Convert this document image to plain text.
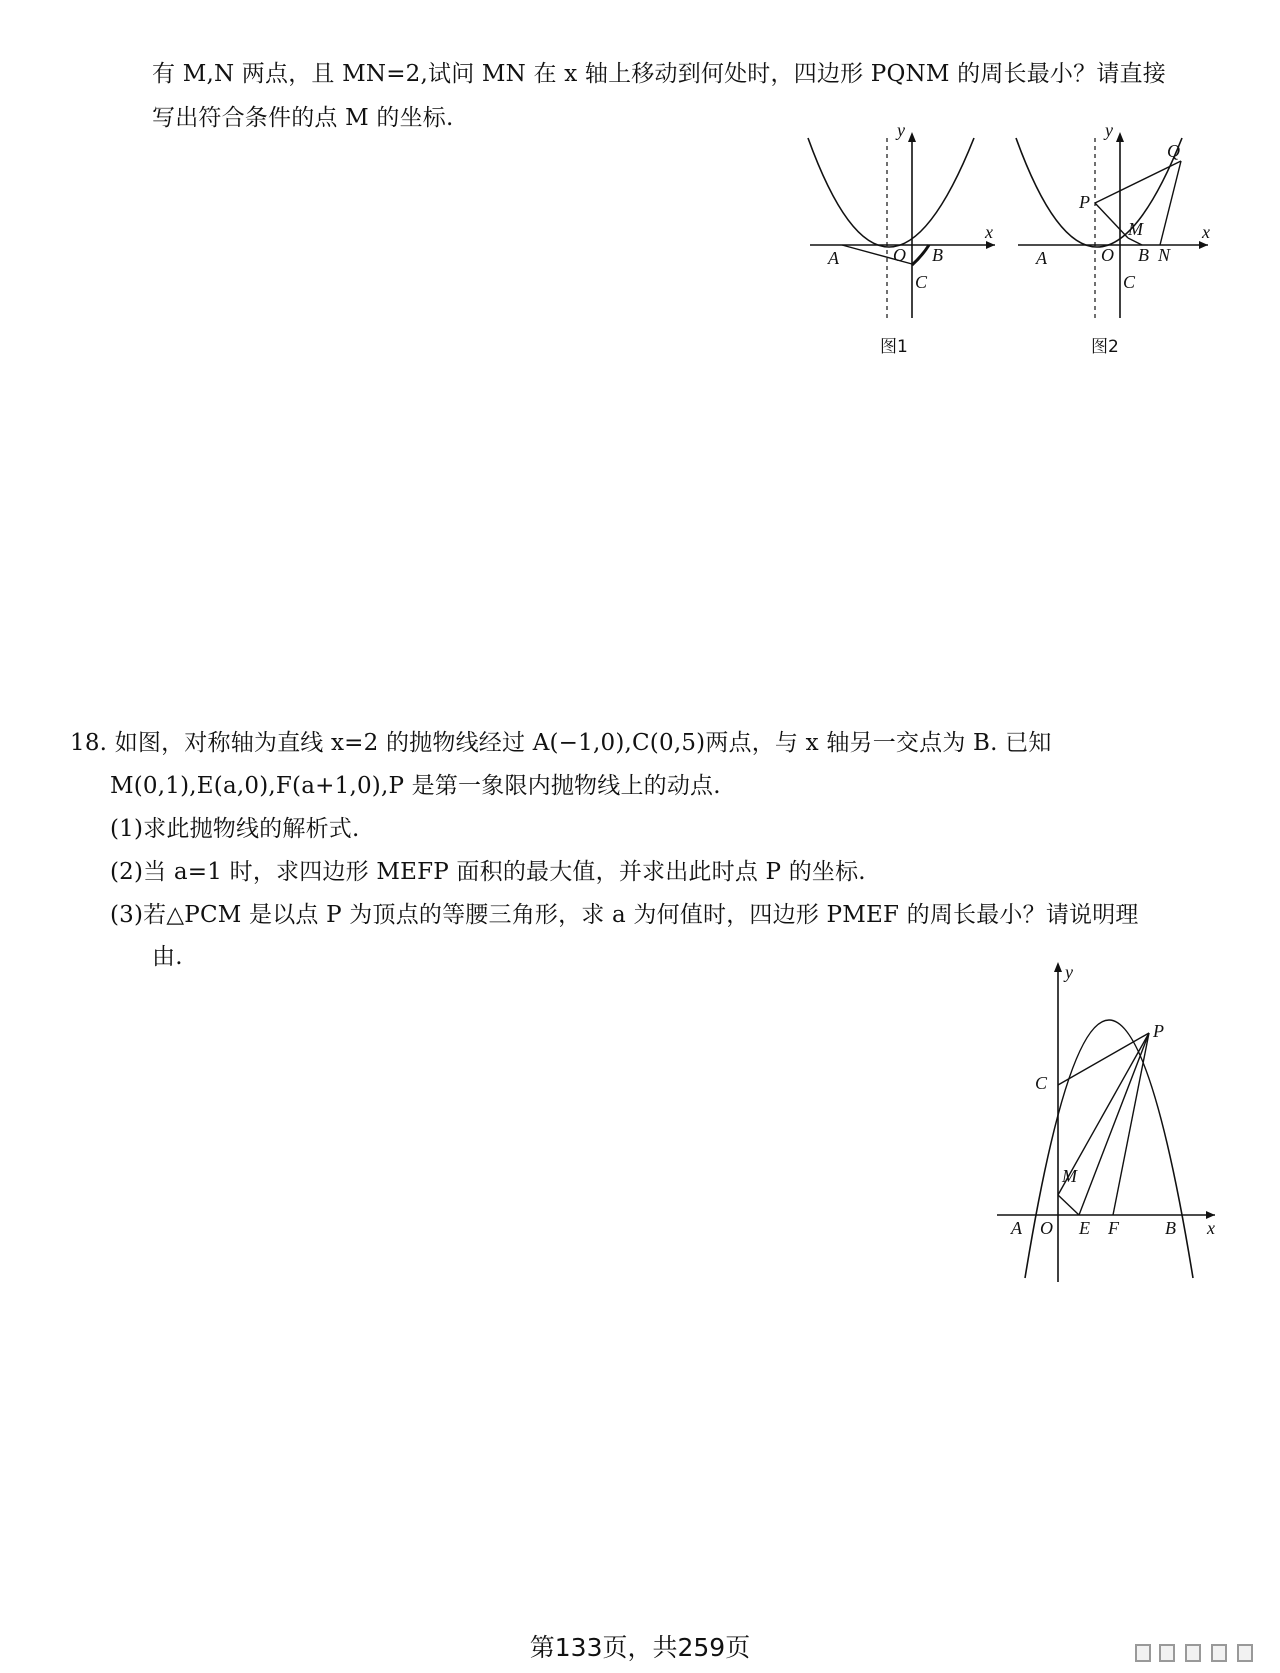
有 M,N 两点，且 MN=2,试问 MN 在 x 轴上移动到何处时，四边形 PQNM 的周长最小？请直接
写出符合条件的点 M 的坐标.
A	O B
C
y
x
图1
A	O B N
C
P
Q
M
y
x
图2
18. 如图，对称轴为直线 x=2 的抛物线经过 A(−1,0),C(0,5)两点，与 x 轴另一交点为 B. 已知
M(0,1),E(a,0),F(a+1,0),P 是第一象限内抛物线上的动点.
(1)求此抛物线的解析式.
(2)当 a=1 时，求四边形 MEFP 面积的最大值，并求出此时点 P 的坐标.
(3)若△PCM 是以点 P 为顶点的等腰三角形，求 a 为何值时，四边形 PMEF 的周长最小？请说明理
由.
A O E F	B x
y
C
M
P
第133页，共259页
